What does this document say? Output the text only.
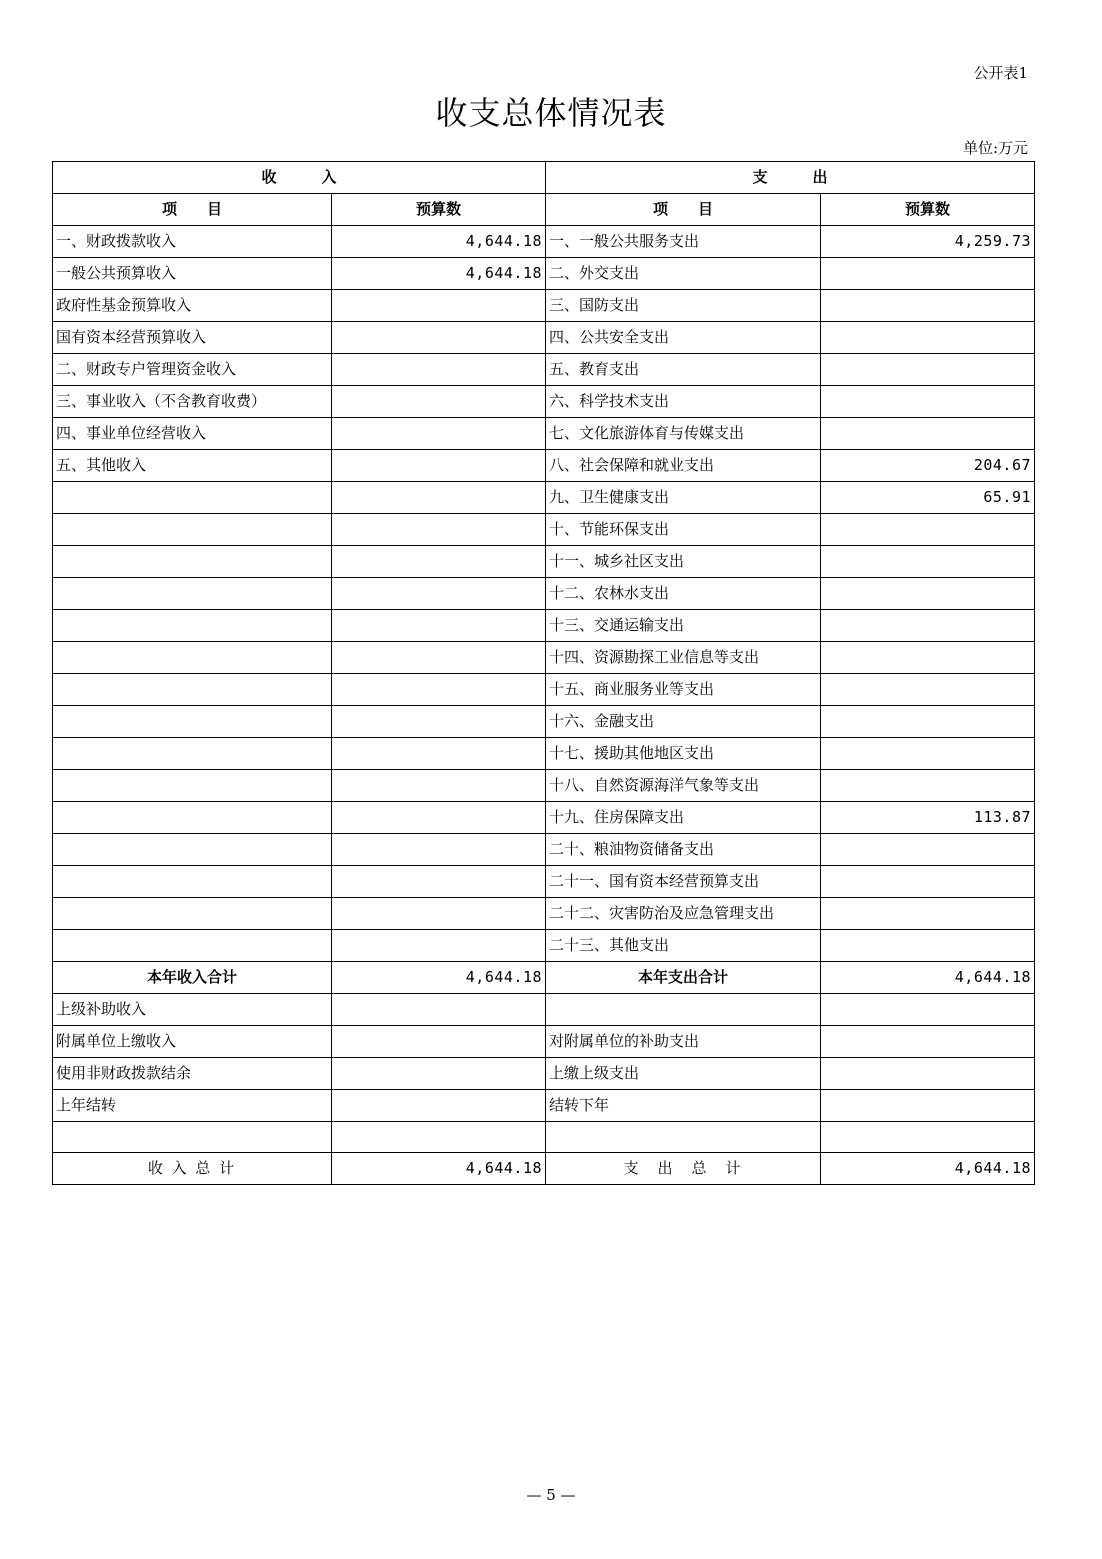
公开表1
收支总体情况表
单位:万元
收　　　入		支　　　出	
项　　目	预算数	项　　目	预算数
一、财政拨款收入	4,644.18	一、一般公共服务支出	4,259.73
一般公共预算收入	4,644.18	二、外交支出	
政府性基金预算收入		三、国防支出	
国有资本经营预算收入		四、公共安全支出	
二、财政专户管理资金收入		五、教育支出	
三、事业收入（不含教育收费）		六、科学技术支出	
四、事业单位经营收入		七、文化旅游体育与传媒支出	
五、其他收入		八、社会保障和就业支出	204.67
		九、卫生健康支出	65.91
		十、节能环保支出	
		十一、城乡社区支出	
		十二、农林水支出	
		十三、交通运输支出	
		十四、资源勘探工业信息等支出	
		十五、商业服务业等支出	
		十六、金融支出	
		十七、援助其他地区支出	
		十八、自然资源海洋气象等支出	
		十九、住房保障支出	113.87
		二十、粮油物资储备支出	
		二十一、国有资本经营预算支出	
		二十二、灾害防治及应急管理支出	
		二十三、其他支出	
本年收入合计	4,644.18	本年支出合计	4,644.18
上级补助收入			
附属单位上缴收入		对附属单位的补助支出	
使用非财政拨款结余		上缴上级支出	
上年结转		结转下年	

收 入 总 计	4,644.18	支　出　总　计	4,644.18
— 5 —
